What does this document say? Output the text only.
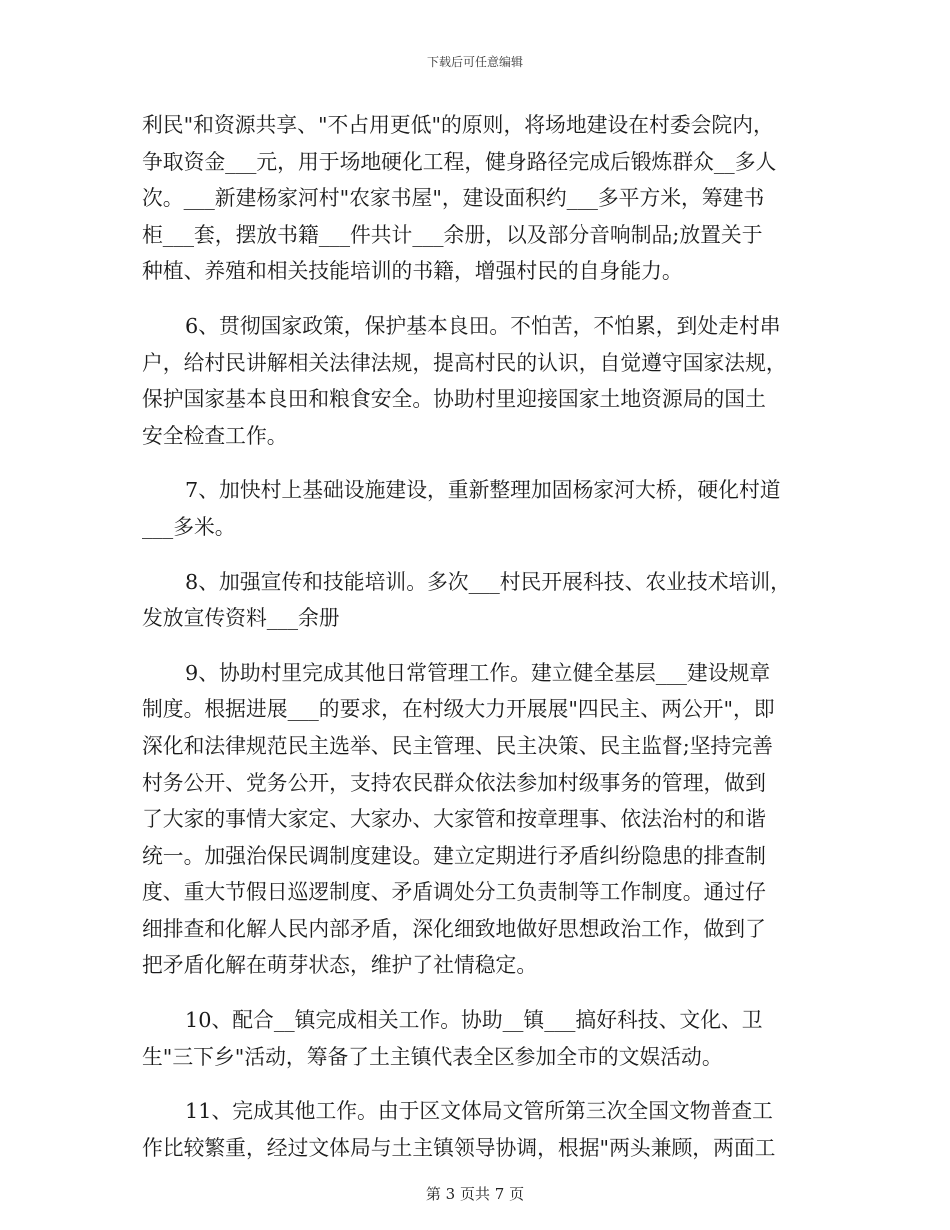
下载后可任意编辑
利民"和资源共享、"不占用更低"的原则，将场地建设在村委会院内，
争取资金___元，用于场地硬化工程，健身路径完成后锻炼群众__多人
次。___新建杨家河村"农家书屋"，建设面积约___多平方米，筹建书
柜___套，摆放书籍___件共计___余册，以及部分音响制品;放置关于
种植、养殖和相关技能培训的书籍，增强村民的自身能力。
6、贯彻国家政策，保护基本良田。不怕苦，不怕累，到处走村串
户，给村民讲解相关法律法规，提高村民的认识，自觉遵守国家法规，
保护国家基本良田和粮食安全。协助村里迎接国家土地资源局的国土
安全检查工作。
7、加快村上基础设施建设，重新整理加固杨家河大桥，硬化村道
___多米。
8、加强宣传和技能培训。多次___村民开展科技、农业技术培训，
发放宣传资料___余册
9、协助村里完成其他日常管理工作。建立健全基层___建设规章
制度。根据进展___的要求，在村级大力开展展"四民主、两公开"，即
深化和法律规范民主选举、民主管理、民主决策、民主监督;坚持完善
村务公开、党务公开，支持农民群众依法参加村级事务的管理，做到
了大家的事情大家定、大家办、大家管和按章理事、依法治村的和谐
统一。加强治保民调制度建设。建立定期进行矛盾纠纷隐患的排查制
度、重大节假日巡逻制度、矛盾调处分工负责制等工作制度。通过仔
细排查和化解人民内部矛盾，深化细致地做好思想政治工作，做到了
把矛盾化解在萌芽状态，维护了社情稳定。
10、配合__镇完成相关工作。协助__镇___搞好科技、文化、卫
生"三下乡"活动，筹备了土主镇代表全区参加全市的文娱活动。
11、完成其他工作。由于区文体局文管所第三次全国文物普查工
作比较繁重，经过文体局与土主镇领导协调，根据"两头兼顾，两面工
第 3 页共 7 页
